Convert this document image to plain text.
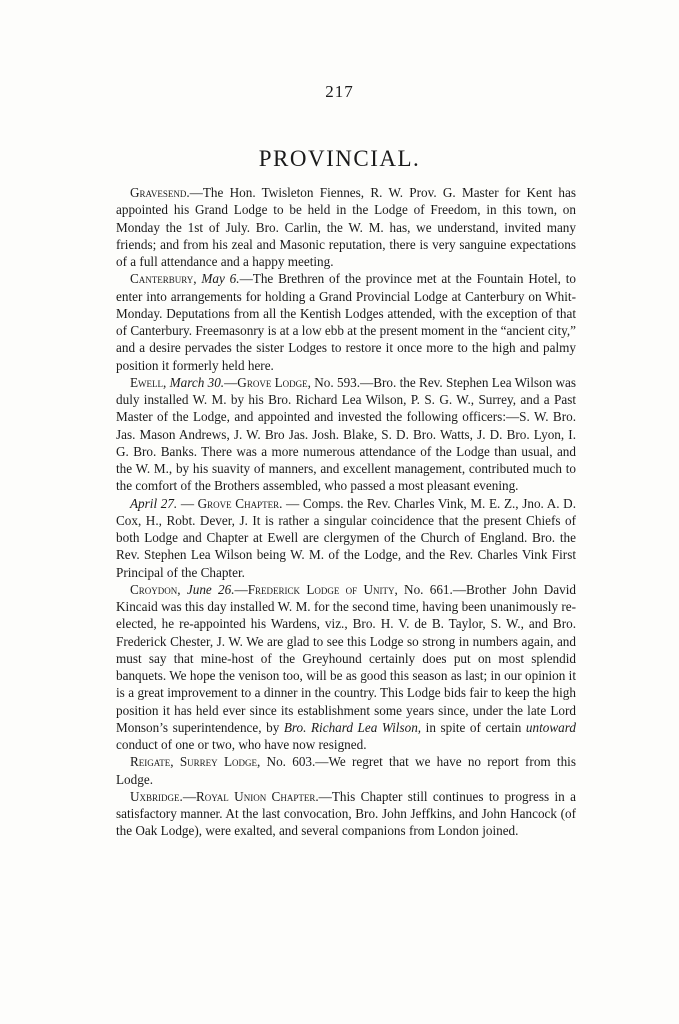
217
PROVINCIAL.

Gravesend.—The Hon. Twisleton Fiennes, R. W. Prov. G. Master for Kent has appointed his Grand Lodge to be held in the Lodge of Freedom, in this town, on Monday the 1st of July. Bro. Carlin, the W. M. has, we understand, invited many friends; and from his zeal and Masonic reputation, there is very sanguine expectations of a full attendance and a happy meeting.

Canterbury, May 6.—The Brethren of the province met at the Fountain Hotel, to enter into arrangements for holding a Grand Provincial Lodge at Canterbury on Whit-Monday. Deputations from all the Kentish Lodges attended, with the exception of that of Canterbury. Freemasonry is at a low ebb at the present moment in the “ancient city,” and a desire pervades the sister Lodges to restore it once more to the high and palmy position it formerly held here.

Ewell, March 30.—Grove Lodge, No. 593.—Bro. the Rev. Stephen Lea Wilson was duly installed W. M. by his Bro. Richard Lea Wilson, P. S. G. W., Surrey, and a Past Master of the Lodge, and appointed and invested the following officers:—S. W. Bro. Jas. Mason Andrews, J. W. Bro Jas. Josh. Blake, S. D. Bro. Watts, J. D. Bro. Lyon, I. G. Bro. Banks. There was a more numerous attendance of the Lodge than usual, and the W. M., by his suavity of manners, and excellent management, contributed much to the comfort of the Brothers assembled, who passed a most pleasant evening.

April 27. — Grove Chapter. — Comps. the Rev. Charles Vink, M. E. Z., Jno. A. D. Cox, H., Robt. Dever, J. It is rather a singular coincidence that the present Chiefs of both Lodge and Chapter at Ewell are clergymen of the Church of England. Bro. the Rev. Stephen Lea Wilson being W. M. of the Lodge, and the Rev. Charles Vink First Principal of the Chapter.

Croydon, June 26.—Frederick Lodge of Unity, No. 661.—Brother John David Kincaid was this day installed W. M. for the second time, having been unanimously re-elected, he re-appointed his Wardens, viz., Bro. H. V. de B. Taylor, S. W., and Bro. Frederick Chester, J. W. We are glad to see this Lodge so strong in numbers again, and must say that mine-host of the Greyhound certainly does put on most splendid banquets. We hope the venison too, will be as good this season as last; in our opinion it is a great improvement to a dinner in the country. This Lodge bids fair to keep the high position it has held ever since its establishment some years since, under the late Lord Monson’s superintendence, by Bro. Richard Lea Wilson, in spite of certain untoward conduct of one or two, who have now resigned.

Reigate, Surrey Lodge, No. 603.—We regret that we have no report from this Lodge.

Uxbridge.—Royal Union Chapter.—This Chapter still continues to progress in a satisfactory manner. At the last convocation, Bro. John Jeffkins, and John Hancock (of the Oak Lodge), were exalted, and several companions from London joined.
